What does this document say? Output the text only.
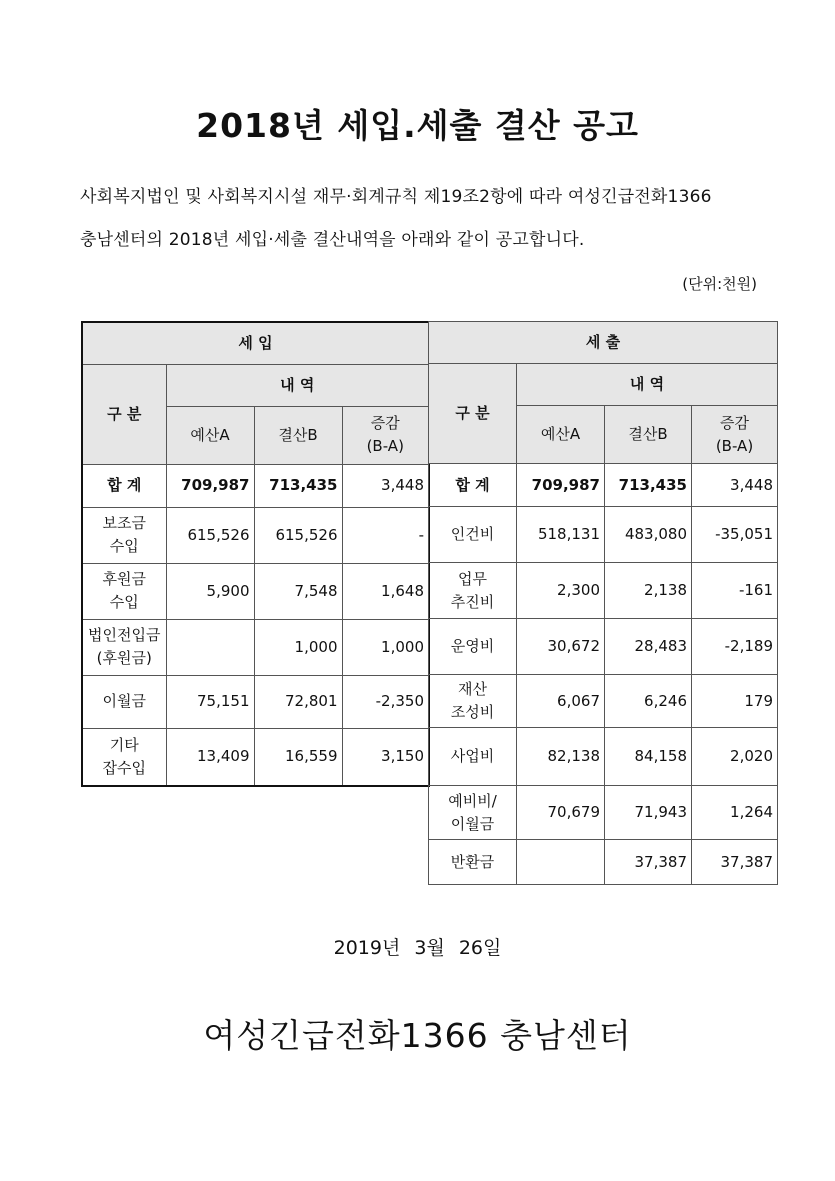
2018년 세입.세출 결산 공고
사회복지법인 및 사회복지시설 재무·회계규칙 제19조2항에 따라 여성긴급전화1366
충남센터의 2018년 세입·세출 결산내역을 아래와 같이 공고합니다.
(단위:천원)
세 입			
구 분	내 역		
	예산A	결산B	증감
(B-A)
합 계	709,987	713,435	3,448
보조금
수입	615,526	615,526	-
후원금
수입	5,900	7,548	1,648
법인전입금
(후원금)		1,000	1,000
이월금	75,151	72,801	-2,350
기타
잡수입	13,409	16,559	3,150
세 출			
구 분	내 역		
	예산A	결산B	증감
(B-A)
합 계	709,987	713,435	3,448
인건비	518,131	483,080	-35,051
업무
추진비	2,300	2,138	-161
운영비	30,672	28,483	-2,189
재산
조성비	6,067	6,246	179
사업비	82,138	84,158	2,020
예비비/
이월금	70,679	71,943	1,264
반환금		37,387	37,387
2019년 3월 26일
여성긴급전화1366 충남센터
